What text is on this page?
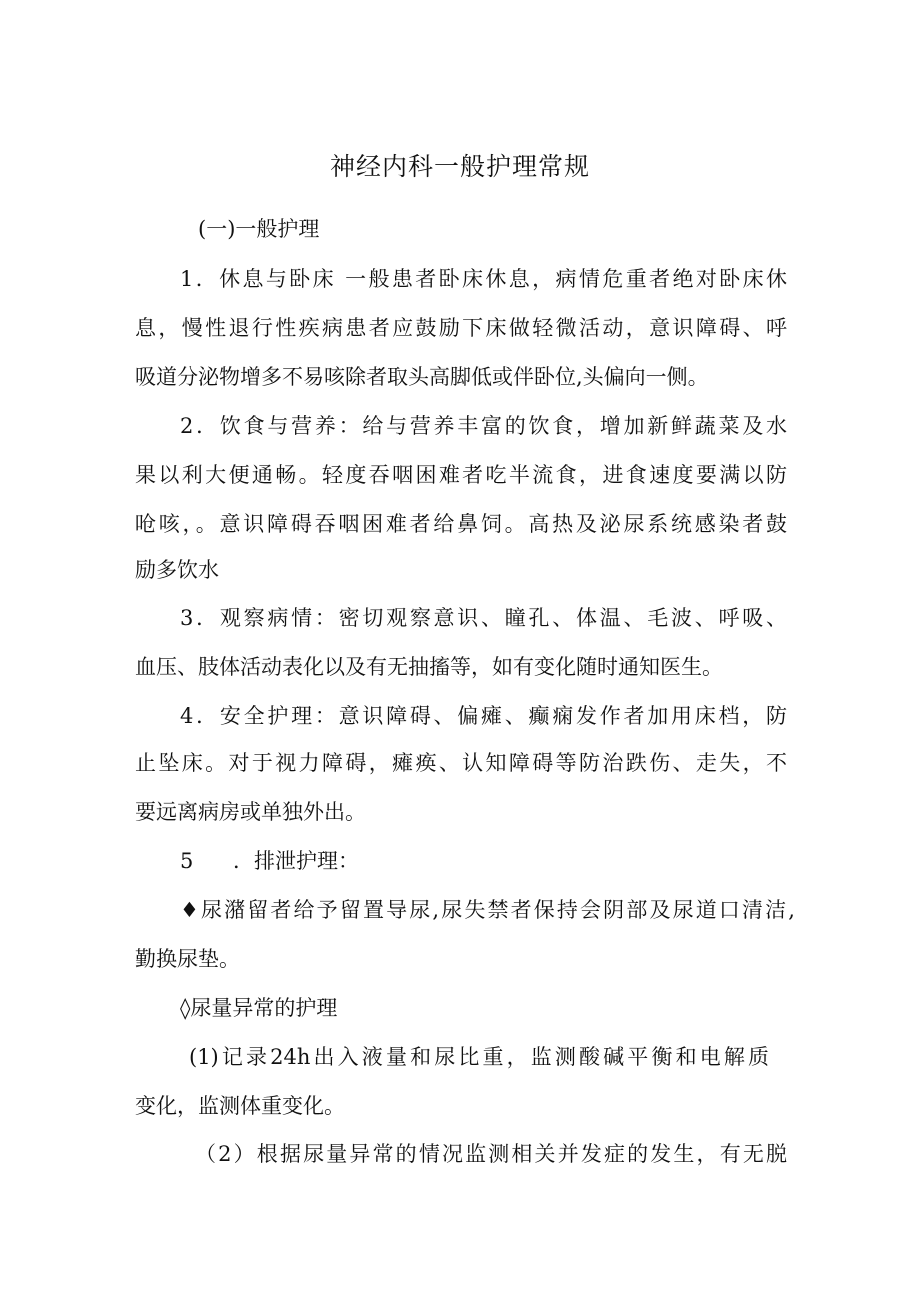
神经内科一般护理常规

(一)一般护理

1．休息与卧床 一般患者卧床休息，病情危重者绝对卧床休

息，慢性退行性疾病患者应鼓励下床做轻微活动，意识障碍、呼

吸道分泌物增多不易咳除者取头高脚低或伴卧位,头偏向一侧。

2．饮食与营养：给与营养丰富的饮食，增加新鲜蔬菜及水

果以利大便通畅。轻度吞咽困难者吃半流食，进食速度要满以防

呛咳，。意识障碍吞咽困难者给鼻饲。高热及泌尿系统感染者鼓

励多饮水

3．观察病情：密切观察意识、瞳孔、体温、毛波、呼吸、

血压、肢体活动表化以及有无抽搐等，如有变化随时通知医生。

4．安全护理：意识障碍、偏瘫、癫痫发作者加用床档，防

止坠床。对于视力障碍，瘫痪、认知障碍等防治跌伤、走失，不

要远离病房或单独外出。

5 ．排泄护理：

♦尿潴留者给予留置导尿,尿失禁者保持会阴部及尿道口清洁,

勤换尿垫。

◊尿量异常的护理

(1)记录24h出入液量和尿比重，监测酸碱平衡和电解质

变化，监测体重变化。

（2）根据尿量异常的情况监测相关并发症的发生，有无脱
